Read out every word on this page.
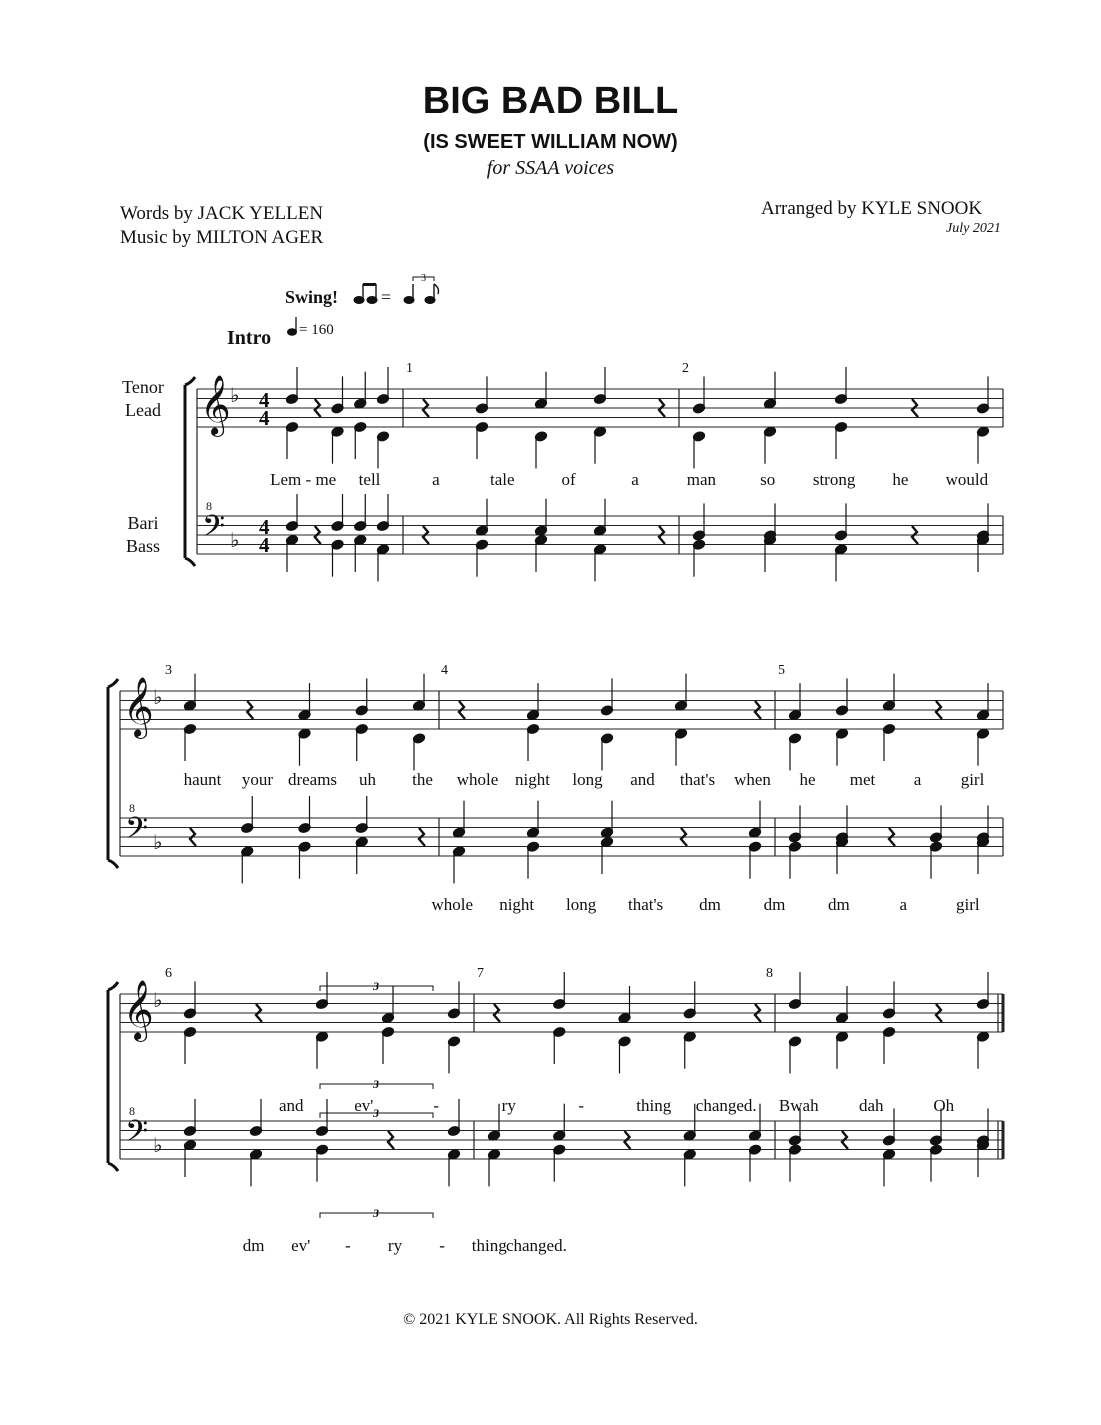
BIG BAD BILL
(IS SWEET WILLIAM NOW)
for SSAA voices
Words by JACK YELLEN
Music by MILTON AGER
Arranged by KYLE SNOOK
July 2021
Swing!
Intro = 160
Tenor
Lead
Bari
Bass
=
3
𝄞
𝄢
8
♭
♭
4
4
4
4
1	2
Lem - me tell	a	tale	of	a	man	so strong he would
𝄞
𝄢
8
♭
♭
3	4	5
haunt your dreams uh the whole night long and that's when he met a girl
whole night long that's dm	dm	dm	a	girl
𝄞
𝄢
8
♭
♭
6	7	8
3
3
3
3
and	ev'	-	ry	-	thing changed. Bwah dah	Oh
dm ev' - ry - thing changed.
© 2021 KYLE SNOOK. All Rights Reserved.
